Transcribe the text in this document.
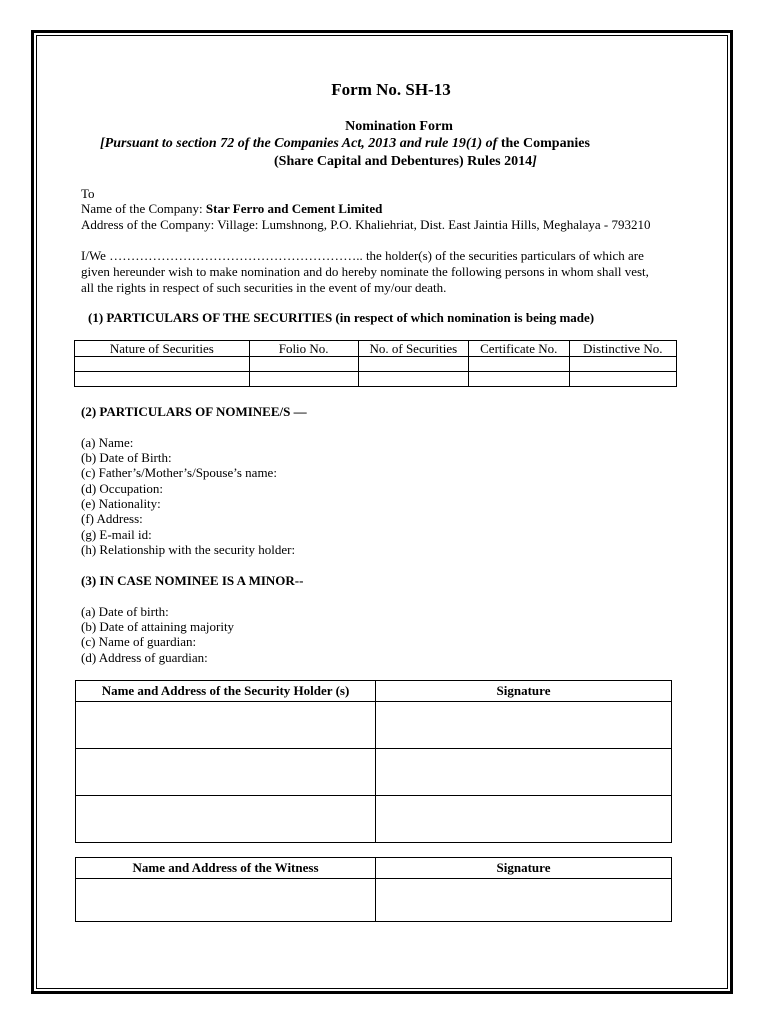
Form No. SH-13
Nomination Form
[Pursuant to section 72 of the Companies Act, 2013 and rule 19(1) of the Companies
(Share Capital and Debentures) Rules 2014]
To
Name of the Company: Star Ferro and Cement Limited
Address of the Company: Village: Lumshnong, P.O. Khaliehriat, Dist. East Jaintia Hills, Meghalaya - 793210
I/We ………………………………………………….. the holder(s) of the securities particulars of which are
given hereunder wish to make nomination and do hereby nominate the following persons in whom shall vest,
all the rights in respect of such securities in the event of my/our death.
(1) PARTICULARS OF THE SECURITIES (in respect of which nomination is being made)
Nature of Securities	Folio No.	No. of Securities	Certificate No.	Distinctive No.

(2) PARTICULARS OF NOMINEE/S —
(a) Name:
(b) Date of Birth:
(c) Father’s/Mother’s/Spouse’s name:
(d) Occupation:
(e) Nationality:
(f) Address:
(g) E-mail id:
(h) Relationship with the security holder:
(3) IN CASE NOMINEE IS A MINOR--
(a) Date of birth:
(b) Date of attaining majority
(c) Name of guardian:
(d) Address of guardian:
Name and Address of the Security Holder (s)	Signature

Name and Address of the Witness	Signature
